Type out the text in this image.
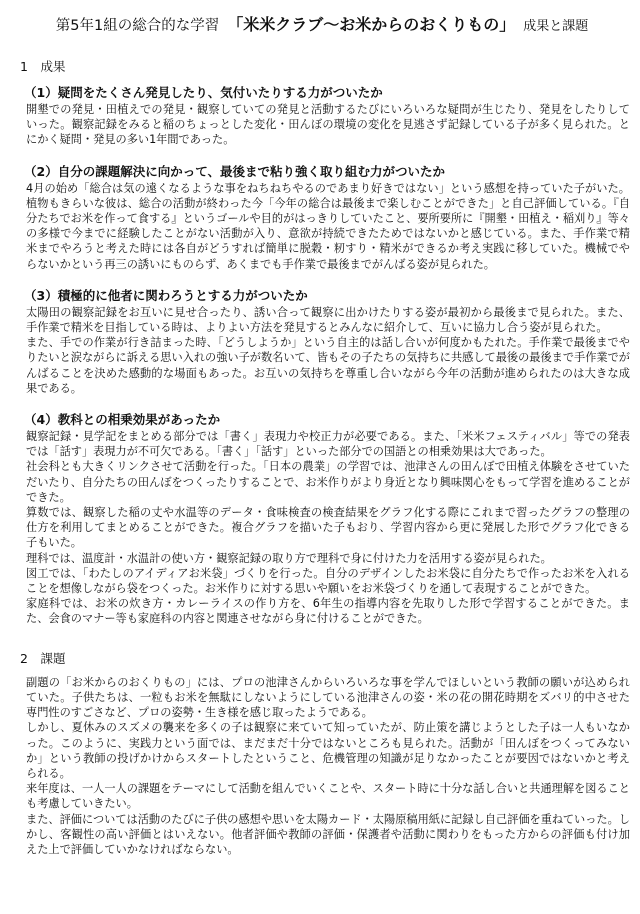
第5年1組の総合的な学習 「米米クラブ～お米からのおくりもの」 成果と課題
1　成果
（1）疑問をたくさん発見したり、気付いたりする力がついたか

開墾での発見・田植えでの発見・観察していての発見と活動するたびにいろいろな疑問が生じたり、発見をしたりしていった。観察記録をみると稲のちょっとした変化・田んぼの環境の変化を見逃さず記録している子が多く見られた。とにかく疑問・発見の多い1年間であった。

（2）自分の課題解決に向かって、最後まで粘り強く取り組む力がついたか

4月の始め「総合は気の遠くなるような事をねちねちやるのであまり好きではない」という感想を持っていた子がいた。植物もきらいな彼は、総合の活動が終わった今「今年の総合は最後まで楽しむことができた」と自己評価している。『自分たちでお米を作って食する』というゴールや目的がはっきりしていたこと、要所要所に『開墾・田植え・稲刈り』等々の多様で今までに経験したことがない活動が入り、意欲が持続できたためではないかと感じている。また、手作業で精米までやろうと考えた時には各自がどうすれば簡単に脱穀・籾すり・精米ができるか考え実践に移していた。機械でやらないかという再三の誘いにものらず、あくまでも手作業で最後までがんばる姿が見られた。

（3）積極的に他者に関わろうとする力がついたか

太陽田の観察記録をお互いに見せ合ったり、誘い合って観察に出かけたりする姿が最初から最後まで見られた。また、手作業で精米を目指している時は、よりよい方法を発見するとみんなに紹介して、互いに協力し合う姿が見られた。

また、手での作業が行き詰まった時、「どうしようか」という自主的は話し合いが何度かもたれた。手作業で最後までやりたいと涙ながらに訴える思い入れの強い子が数名いて、皆もその子たちの気持ちに共感して最後の最後まで手作業でがんばることを決めた感動的な場面もあった。お互いの気持ちを尊重し合いながら今年の活動が進められたのは大きな成果である。

（4）教科との相乗効果があったか

観察記録・見学記をまとめる部分では「書く」表現力や校正力が必要である。また、「米米フェスティバル」等での発表では「話す」表現力が不可欠である。「書く」「話す」といった部分での国語との相乗効果は大であった。

社会科とも大きくリンクさせて活動を行った。「日本の農業」の学習では、池津さんの田んぼで田植え体験をさせていただいたり、自分たちの田んぼをつくったりすることで、お米作りがより身近となり興味関心をもって学習を進めることができた。

算数では、観察した稲の丈や水温等のデータ・食味検査の検査結果をグラフ化する際にこれまで習ったグラフの整理の仕方を利用してまとめることができた。複合グラフを描いた子もおり、学習内容から更に発展した形でグラフ化できる子もいた。

理科では、温度計・水温計の使い方・観察記録の取り方で理科で身に付けた力を活用する姿が見られた。

図工では、「わたしのアイディアお米袋」づくりを行った。自分のデザインしたお米袋に自分たちで作ったお米を入れることを想像しながら袋をつくった。お米作りに対する思いや願いをお米袋づくりを通して表現することができた。

家庭科では、お米の炊き方・カレーライスの作り方を、6年生の指導内容を先取りした形で学習することができた。また、会食のマナー等も家庭科の内容と関連させながら身に付けることができた。

2　課題

副題の「お米からのおくりもの」には、プロの池津さんからいろいろな事を学んでほしいという教師の願いが込められていた。子供たちは、一粒もお米を無駄にしないようにしている池津さんの姿・米の花の開花時期をズバリ的中させた専門性のすごさなど、プロの姿勢・生き様を感じ取ったようである。

しかし、夏休みのスズメの襲来を多くの子は観察に来ていて知っていたが、防止策を講じようとした子は一人もいなかった。このように、実践力という面では、まだまだ十分ではないところも見られた。活動が「田んぼをつくってみないか」という教師の投げかけからスタートしたということ、危機管理の知識が足りなかったことが要因ではないかと考えられる。

来年度は、一人一人の課題をテーマにして活動を組んでいくことや、スタート時に十分な話し合いと共通理解を図ることも考慮していきたい。

また、評価については活動のたびに子供の感想や思いを太陽カード・太陽原稿用紙に記録し自己評価を重ねていった。しかし、客観性の高い評価とはいえない。他者評価や教師の評価・保護者や活動に関わりをもった方からの評価も付け加えた上で評価していかなければならない。
